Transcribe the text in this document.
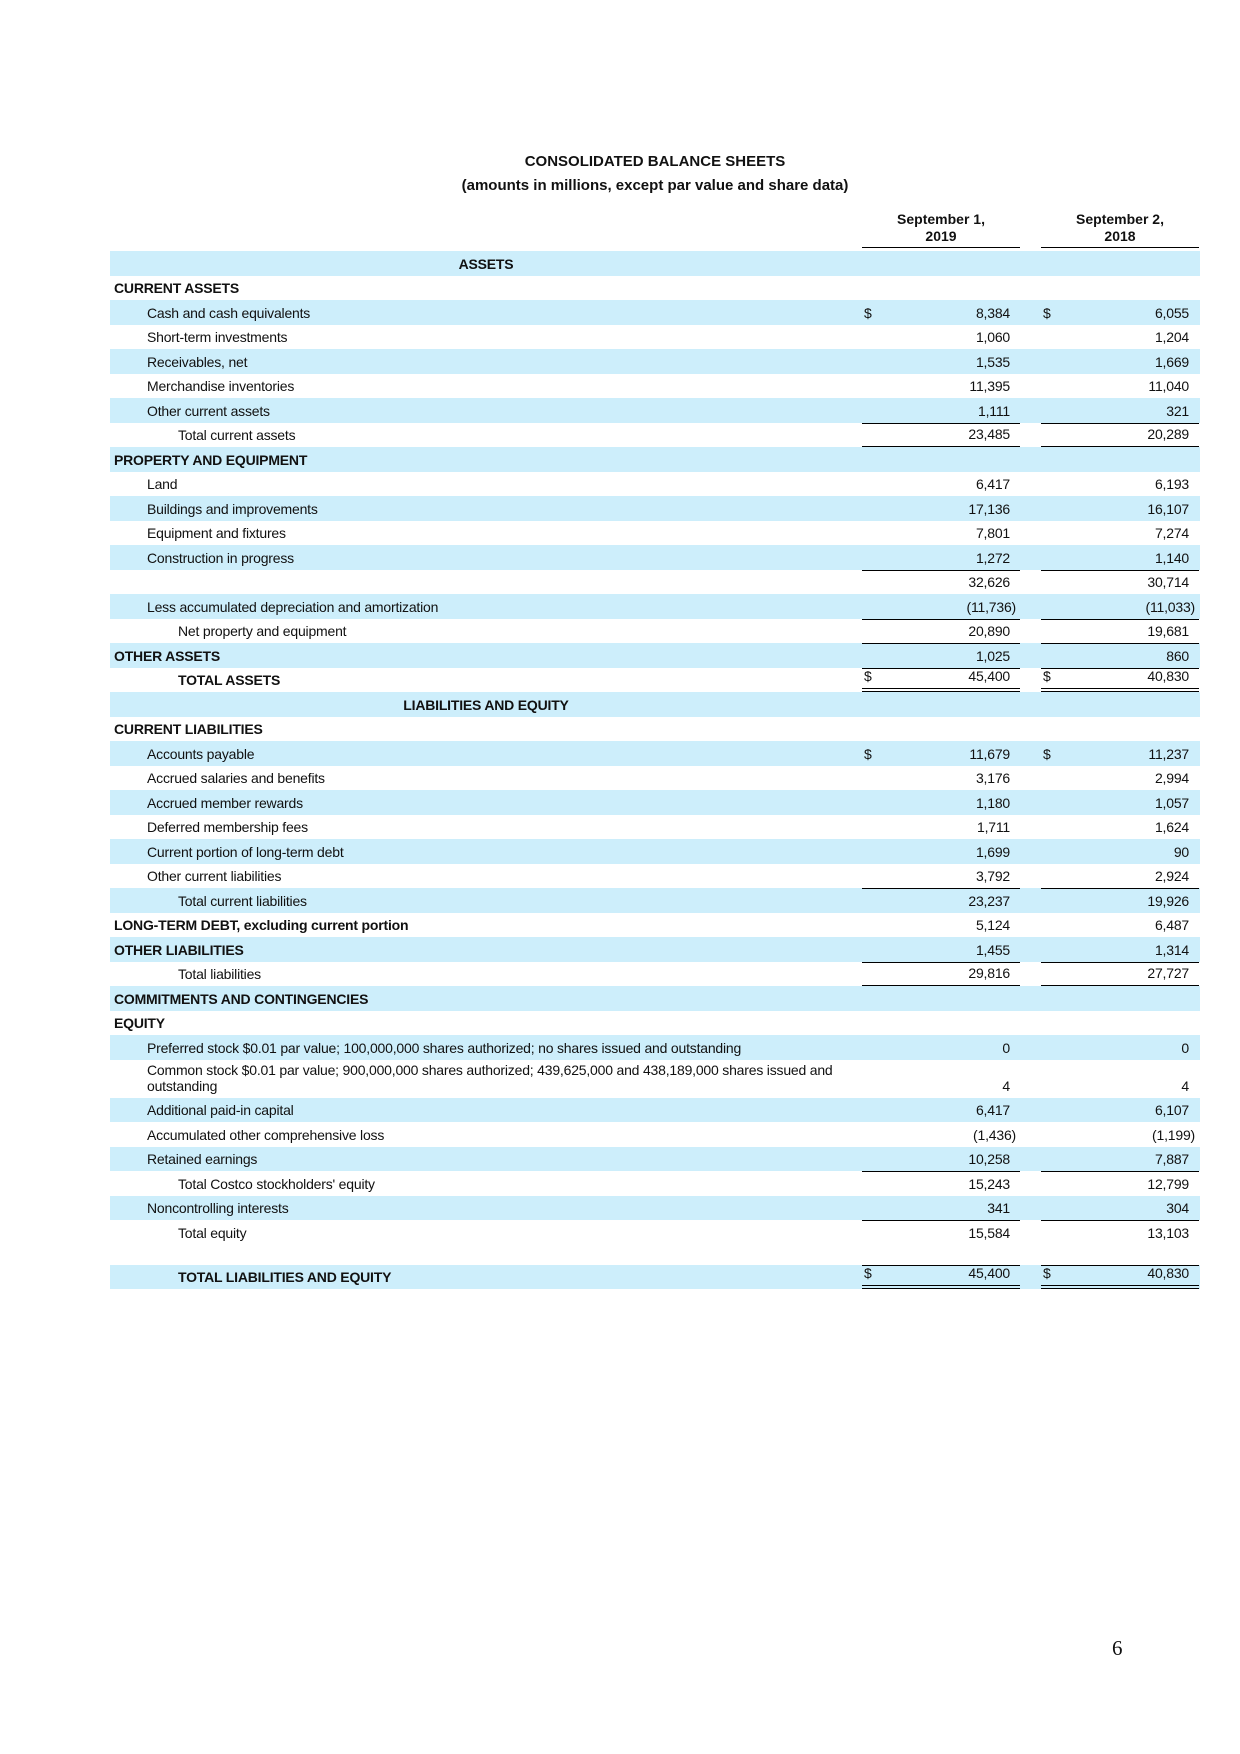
CONSOLIDATED BALANCE SHEETS
(amounts in millions, except par value and share data)
September 1,
2019
September 2,
2018
ASSETS
CURRENT ASSETS
Cash and cash equivalents	$	8,384 $	6,055
Short-term investments	1,060	1,204
Receivables, net	1,535	1,669
Merchandise inventories	11,395	11,040
Other current assets	1,111	321
Total current assets	23,485	20,289
PROPERTY AND EQUIPMENT
Land	6,417	6,193
Buildings and improvements	17,136	16,107
Equipment and fixtures	7,801	7,274
Construction in progress	1,272	1,140
32,626	30,714
Less accumulated depreciation and amortization	(11,736)	(11,033)
Net property and equipment	20,890	19,681
OTHER ASSETS	1,025	860
TOTAL ASSETS	$	45,400 $	40,830
LIABILITIES AND EQUITY
CURRENT LIABILITIES
Accounts payable	$	11,679 $	11,237
Accrued salaries and benefits	3,176	2,994
Accrued member rewards	1,180	1,057
Deferred membership fees	1,711	1,624
Current portion of long-term debt	1,699	90
Other current liabilities	3,792	2,924
Total current liabilities	23,237	19,926
LONG-TERM DEBT, excluding current portion	5,124	6,487
OTHER LIABILITIES	1,455	1,314
Total liabilities	29,816	27,727
COMMITMENTS AND CONTINGENCIES
EQUITY
Preferred stock $0.01 par value; 100,000,000 shares authorized; no shares issued and outstanding	0	0
Common stock $0.01 par value; 900,000,000 shares authorized; 439,625,000 and 438,189,000 shares issued and outstanding	4	4
Additional paid-in capital	6,417	6,107
Accumulated other comprehensive loss	(1,436)	(1,199)
Retained earnings	10,258	7,887
Total Costco stockholders' equity	15,243	12,799
Noncontrolling interests	341	304
Total equity	15,584	13,103
TOTAL LIABILITIES AND EQUITY	$	45,400 $	40,830
6
